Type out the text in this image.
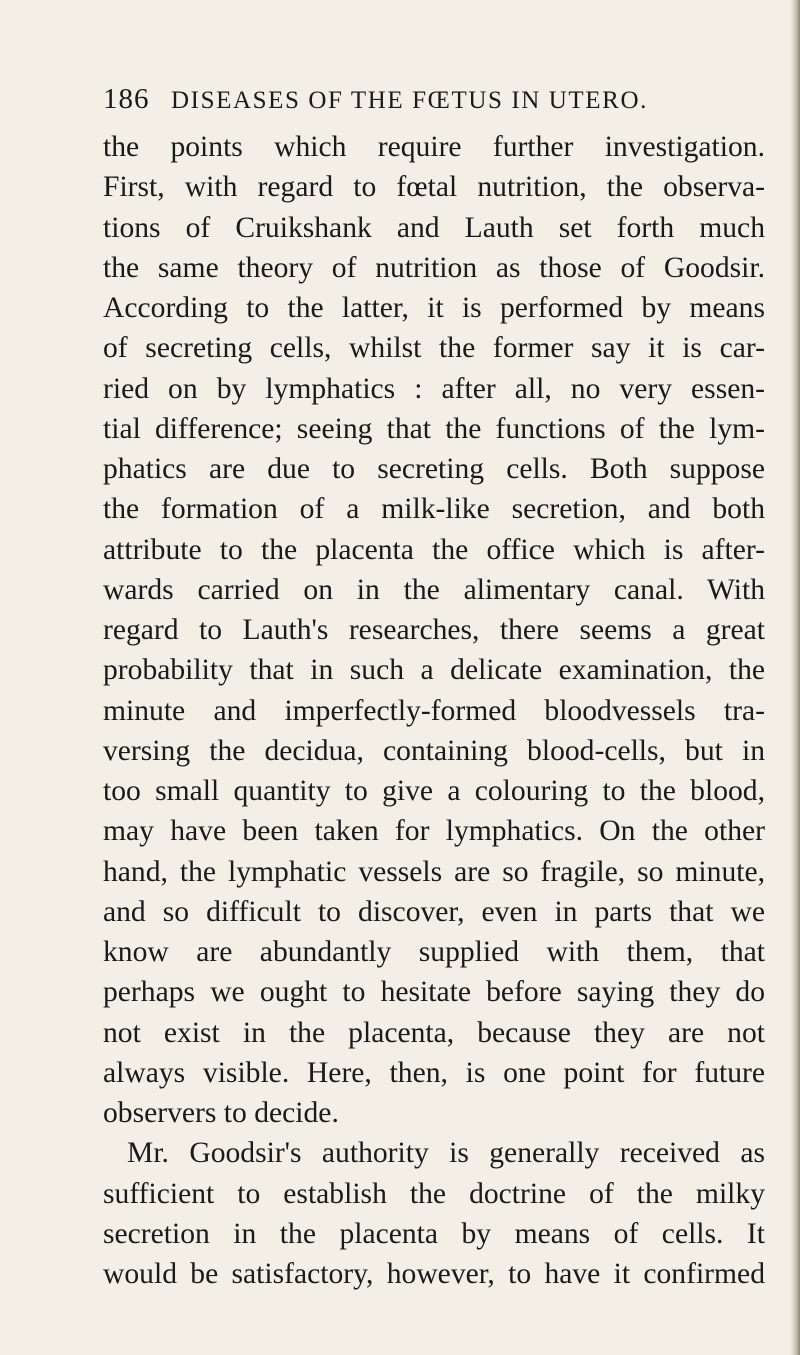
186 DISEASES OF THE FŒTUS IN UTERO.
the points which require further investigation.
First, with regard to fœtal nutrition, the observa-
tions of Cruikshank and Lauth set forth much
the same theory of nutrition as those of Goodsir.
According to the latter, it is performed by means
of secreting cells, whilst the former say it is car-
ried on by lymphatics : after all, no very essen-
tial difference; seeing that the functions of the lym-
phatics are due to secreting cells. Both suppose
the formation of a milk-like secretion, and both
attribute to the placenta the office which is after-
wards carried on in the alimentary canal. With
regard to Lauth's researches, there seems a great
probability that in such a delicate examination, the
minute and imperfectly-formed bloodvessels tra-
versing the decidua, containing blood-cells, but in
too small quantity to give a colouring to the blood,
may have been taken for lymphatics. On the other
hand, the lymphatic vessels are so fragile, so minute,
and so difficult to discover, even in parts that we
know are abundantly supplied with them, that
perhaps we ought to hesitate before saying they do
not exist in the placenta, because they are not
always visible. Here, then, is one point for future
observers to decide.
Mr. Goodsir's authority is generally received as
sufficient to establish the doctrine of the milky
secretion in the placenta by means of cells. It
would be satisfactory, however, to have it confirmed
